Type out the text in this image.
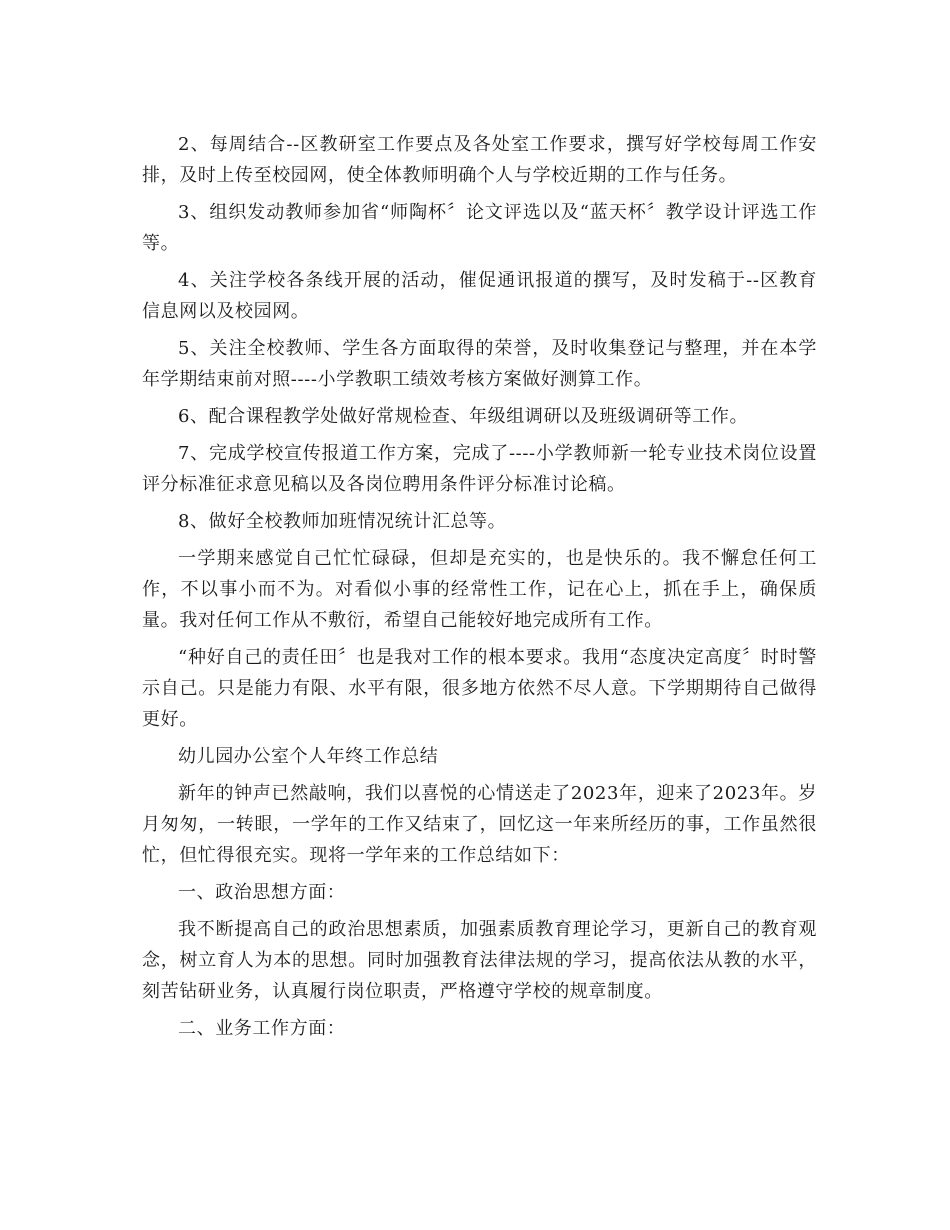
2、每周结合--区教研室工作要点及各处室工作要求，撰写好学校每周工作安排，及时上传至校园网，使全体教师明确个人与学校近期的工作与任务。

3、组织发动教师参加省“师陶杯〞论文评选以及“蓝天杯〞教学设计评选工作等。

4、关注学校各条线开展的活动，催促通讯报道的撰写，及时发稿于--区教育信息网以及校园网。

5、关注全校教师、学生各方面取得的荣誉，及时收集登记与整理，并在本学年学期结束前对照----小学教职工绩效考核方案做好测算工作。

6、配合课程教学处做好常规检查、年级组调研以及班级调研等工作。

7、完成学校宣传报道工作方案，完成了----小学教师新一轮专业技术岗位设置评分标准征求意见稿以及各岗位聘用条件评分标准讨论稿。

8、做好全校教师加班情况统计汇总等。

一学期来感觉自己忙忙碌碌，但却是充实的，也是快乐的。我不懈怠任何工作，不以事小而不为。对看似小事的经常性工作，记在心上，抓在手上，确保质量。我对任何工作从不敷衍，希望自己能较好地完成所有工作。

“种好自己的责任田〞也是我对工作的根本要求。我用“态度决定高度〞时时警示自己。只是能力有限、水平有限，很多地方依然不尽人意。下学期期待自己做得更好。

幼儿园办公室个人年终工作总结

新年的钟声已然敲响，我们以喜悦的心情送走了2023年，迎来了2023年。岁月匆匆，一转眼，一学年的工作又结束了，回忆这一年来所经历的事，工作虽然很忙，但忙得很充实。现将一学年来的工作总结如下：

一、政治思想方面：

我不断提高自己的政治思想素质，加强素质教育理论学习，更新自己的教育观念，树立育人为本的思想。同时加强教育法律法规的学习，提高依法从教的水平，刻苦钻研业务，认真履行岗位职责，严格遵守学校的规章制度。

二、业务工作方面：
